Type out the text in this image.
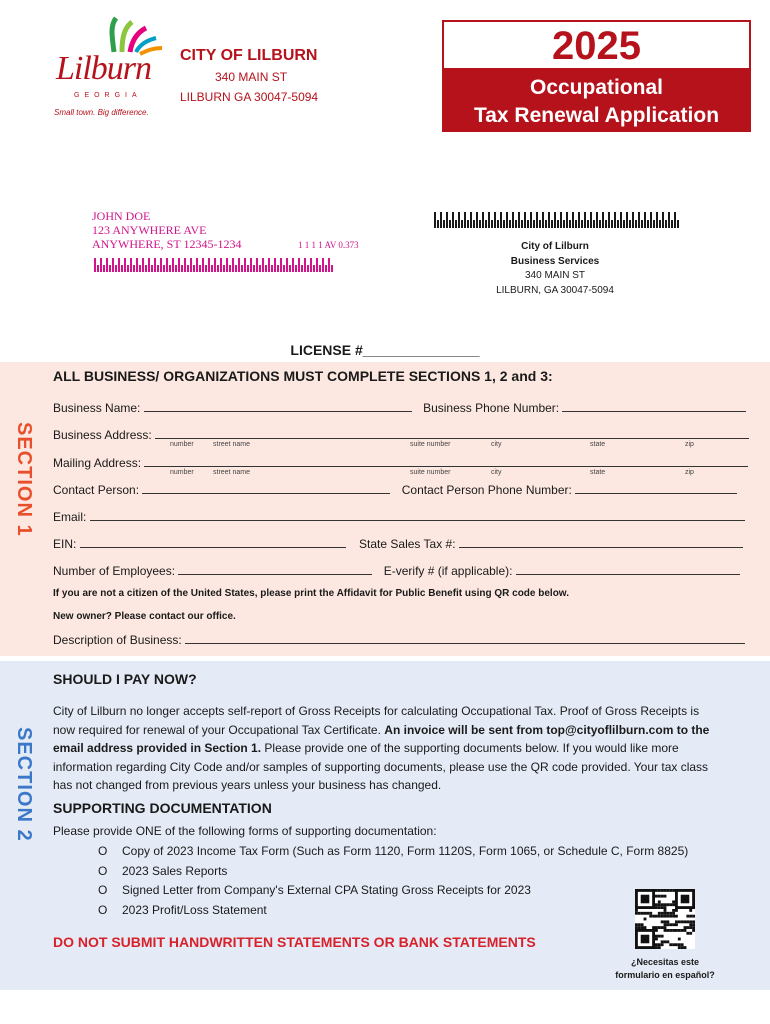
Lilburn
GEORGIA
Small town. Big difference.
CITY OF LILBURN
340 MAIN ST
LILBURN GA 30047-5094
2025
Occupational
Tax Renewal Application
JOHN DOE
123 ANYWHERE AVE
ANYWHERE, ST 12345-1234	1 1 1 1 AV 0.373	City of Lilburn
Business Services
340 MAIN ST
LILBURN, GA 30047-5094
LICENSE #_______________
SECTION 1
ALL BUSINESS/ ORGANIZATIONS MUST COMPLETE SECTIONS 1, 2 and 3:
Business Name:	Business Phone Number:
Business Address:
number	street name	suite number	city	state	zip
Mailing Address:
number	street name	suite number	city	state	zip
Contact Person:	Contact Person Phone Number:
Email:
EIN:	State Sales Tax #:
Number of Employees:	E-verify # (if applicable):
If you are not a citizen of the United States, please print the Affidavit for Public Benefit using QR code below.
New owner? Please contact our office.
Description of Business:
SECTION 2
SHOULD I PAY NOW?
City of Lilburn no longer accepts self-report of Gross Receipts for calculating Occupational Tax. Proof of Gross Receipts is now required for renewal of your Occupational Tax Certificate. An invoice will be sent from top@cityoflilburn.com to the email address provided in Section 1. Please provide one of the supporting documents below. If you would like more information regarding City Code and/or samples of supporting documents, please use the QR code provided. Your tax class has not changed from previous years unless your business has changed.
SUPPORTING DOCUMENTATION
Please provide ONE of the following forms of supporting documentation:
O	Copy of 2023 Income Tax Form (Such as Form 1120, Form 1120S, Form 1065, or Schedule C, Form 8825)
O	2023 Sales Reports
O	Signed Letter from Company's External CPA Stating Gross Receipts for 2023
O	2023 Profit/Loss Statement
DO NOT SUBMIT HANDWRITTEN STATEMENTS OR BANK STATEMENTS
¿Necesitas este
formulario en español?
